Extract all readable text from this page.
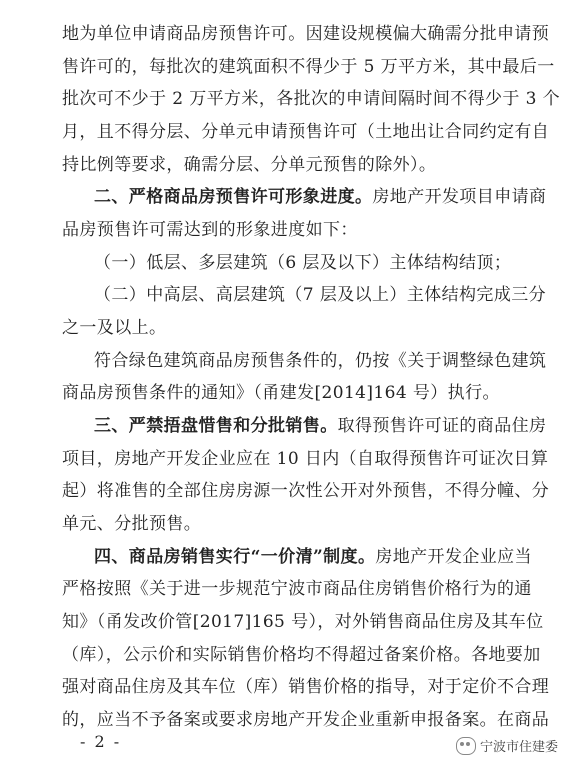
地为单位申请商品房预售许可。因建设规模偏大确需分批申请预
售许可的，每批次的建筑面积不得少于 5 万平方米，其中最后一
批次可不少于 2 万平方米，各批次的申请间隔时间不得少于 3 个
月，且不得分层、分单元申请预售许可（土地出让合同约定有自
持比例等要求，确需分层、分单元预售的除外）。
二、严格商品房预售许可形象进度。房地产开发项目申请商
品房预售许可需达到的形象进度如下：
（一）低层、多层建筑（6 层及以下）主体结构结顶；
（二）中高层、高层建筑（7 层及以上）主体结构完成三分
之一及以上。
符合绿色建筑商品房预售条件的，仍按《关于调整绿色建筑
商品房预售条件的通知》（甬建发[2014]164 号）执行。
三、严禁捂盘惜售和分批销售。取得预售许可证的商品住房
项目，房地产开发企业应在 10 日内（自取得预售许可证次日算
起）将准售的全部住房房源一次性公开对外预售，不得分幢、分
单元、分批预售。
四、商品房销售实行“一价清”制度。房地产开发企业应当
严格按照《关于进一步规范宁波市商品住房销售价格行为的通
知》（甬发改价管[2017]165 号），对外销售商品住房及其车位
（库），公示价和实际销售价格均不得超过备案价格。各地要加
强对商品住房及其车位（库）销售价格的指导，对于定价不合理
的，应当不予备案或要求房地产开发企业重新申报备案。在商品
- 2 -	宁波市住建委
